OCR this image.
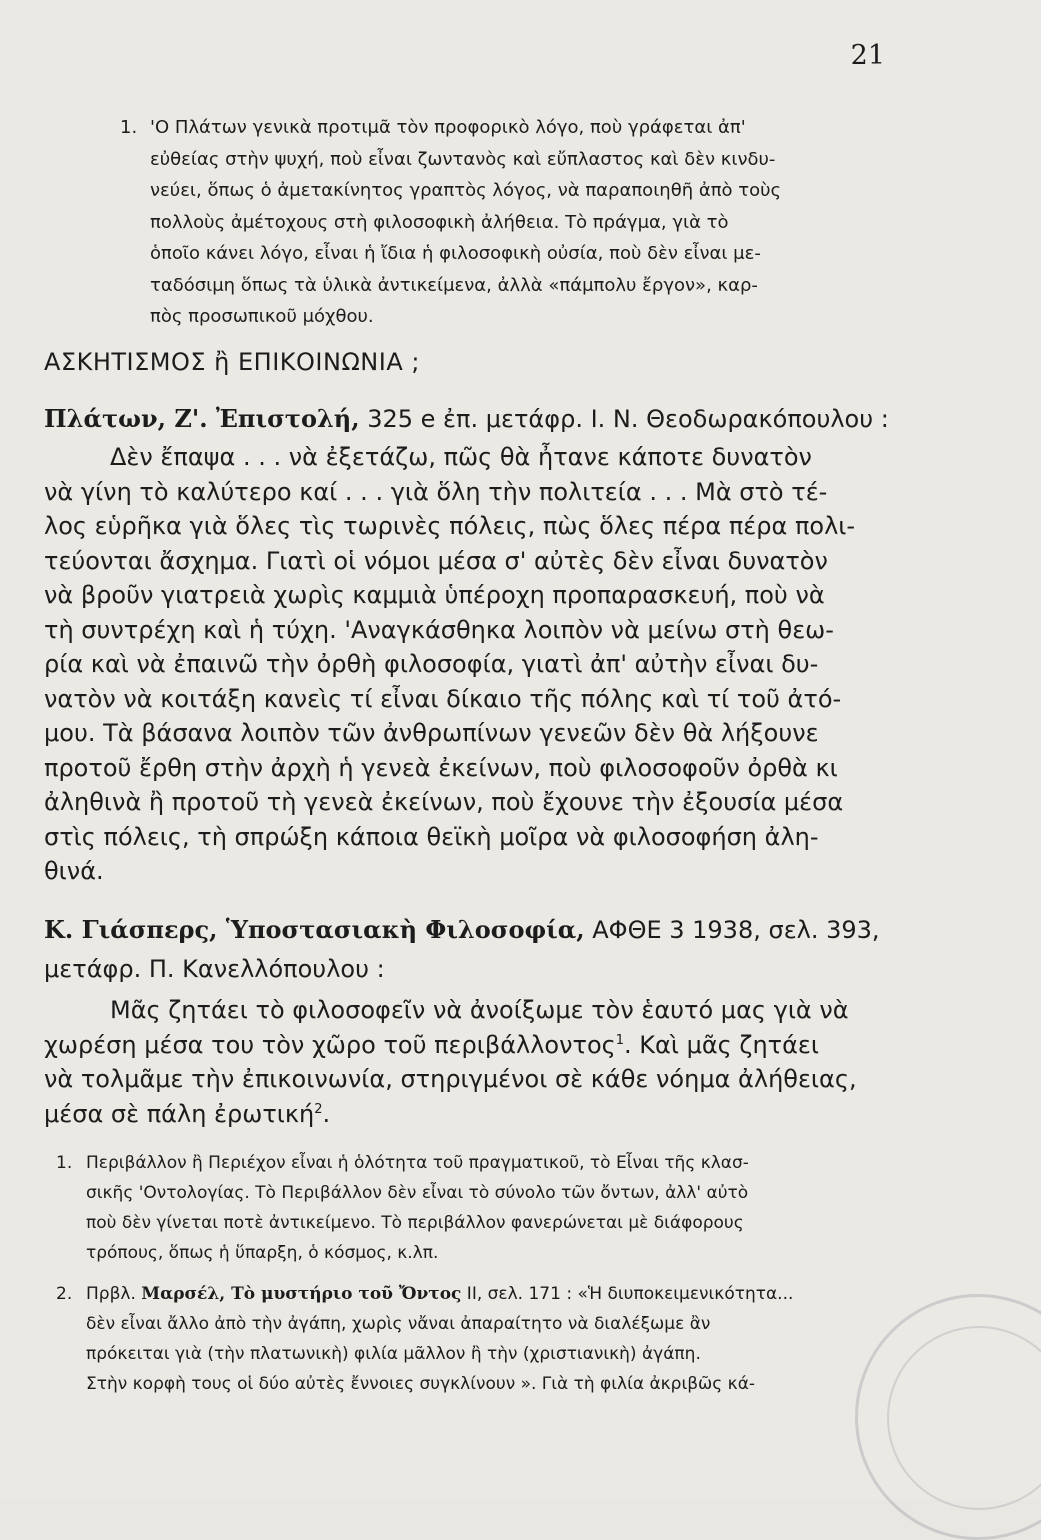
21
1. 'Ο Πλάτων γενικὰ προτιμᾶ τὸν προφορικὸ λόγο, ποὺ γράφεται ἀπ'
εὐθείας στὴν ψυχή, ποὺ εἶναι ζωντανὸς καὶ εὔπλαστος καὶ δὲν κινδυ-
νεύει, ὅπως ὁ ἀμετακίνητος γραπτὸς λόγος, νὰ παραποιηθῆ ἀπὸ τοὺς
πολλοὺς ἀμέτοχους στὴ φιλοσοφικὴ ἀλήθεια. Τὸ πράγμα, γιὰ τὸ
ὁποῖο κάνει λόγο, εἶναι ἡ ἴδια ἡ φιλοσοφικὴ οὐσία, ποὺ δὲν εἶναι με-
ταδόσιμη ὅπως τὰ ὑλικὰ ἀντικείμενα, ἀλλὰ «πάμπολυ ἔργον», καρ-
πὸς προσωπικοῦ μόχθου.
ΑΣΚΗΤΙΣΜΟΣ ἢ ΕΠΙΚΟΙΝΩΝΙΑ ;
Πλάτων, Ζ'. Ἐπιστολή, 325 e ἐπ. μετάφρ. Ι. Ν. Θεοδωρακόπουλου :
Δὲν ἔπαψα . . . νὰ ἐξετάζω, πῶς θὰ ἦτανε κάποτε δυνατὸν
νὰ γίνη τὸ καλύτερο καί . . . γιὰ ὅλη τὴν πολιτεία . . . Μὰ στὸ τέ-
λος εὑρῆκα γιὰ ὅλες τὶς τωρινὲς πόλεις, πὼς ὅλες πέρα πέρα πολι-
τεύονται ἄσχημα. Γιατὶ οἱ νόμοι μέσα σ' αὐτὲς δὲν εἶναι δυνατὸν
νὰ βροῦν γιατρειὰ χωρὶς καμμιὰ ὑπέροχη προπαρασκευή, ποὺ νὰ
τὴ συντρέχη καὶ ἡ τύχη. 'Αναγκάσθηκα λοιπὸν νὰ μείνω στὴ θεω-
ρία καὶ νὰ ἐπαινῶ τὴν ὀρθὴ φιλοσοφία, γιατὶ ἀπ' αὐτὴν εἶναι δυ-
νατὸν νὰ κοιτάξη κανεὶς τί εἶναι δίκαιο τῆς πόλης καὶ τί τοῦ ἀτό-
μου. Τὰ βάσανα λοιπὸν τῶν ἀνθρωπίνων γενεῶν δὲν θὰ λήξουνε
προτοῦ ἔρθη στὴν ἀρχὴ ἡ γενεὰ ἐκείνων, ποὺ φιλοσοφοῦν ὀρθὰ κι
ἀληθινὰ ἢ προτοῦ τὴ γενεὰ ἐκείνων, ποὺ ἔχουνε τὴν ἐξουσία μέσα
στὶς πόλεις, τὴ σπρώξη κάποια θεϊκὴ μοῖρα νὰ φιλοσοφήση ἀλη-
θινά.
Κ. Γιάσπερς, Ὑποστασιακὴ Φιλοσοφία, ΑΦΘΕ 3 1938, σελ. 393,
μετάφρ. Π. Κανελλόπουλου :
Μᾶς ζητάει τὸ φιλοσοφεῖν νὰ ἀνοίξωμε τὸν ἑαυτό μας γιὰ νὰ
χωρέση μέσα του τὸν χῶρο τοῦ περιβάλλοντος$^1$. Καὶ μᾶς ζητάει
νὰ τολμᾶμε τὴν ἐπικοινωνία, στηριγμένοι σὲ κάθε νόημα ἀλήθειας,
μέσα σὲ πάλη ἐρωτική$^2$.
1. Περιβάλλον ἢ Περιέχον εἶναι ἡ ὁλότητα τοῦ πραγματικοῦ, τὸ Εἶναι τῆς κλασ-
σικῆς 'Οντολογίας. Τὸ Περιβάλλον δὲν εἶναι τὸ σύνολο τῶν ὄντων, ἀλλ' αὐτὸ
ποὺ δὲν γίνεται ποτὲ ἀντικείμενο. Τὸ περιβάλλον φανερώνεται μὲ διάφορους
τρόπους, ὅπως ἡ ὕπαρξη, ὁ κόσμος, κ.λπ.
2. Πρβλ. Μαρσέλ, Τὸ μυστήριο τοῦ Ὄντος II, σελ. 171 : «Ἡ διυποκειμενικότητα...
δὲν εἶναι ἄλλο ἀπὸ τὴν ἀγάπη, χωρὶς νἄναι ἀπαραίτητο νὰ διαλέξωμε ἂν
πρόκειται γιὰ (τὴν πλατωνικὴ) φιλία μᾶλλον ἢ τὴν (χριστιανικὴ) ἀγάπη.
Στὴν κορφὴ τους οἱ δύο αὐτὲς ἔννοιες συγκλίνουν ». Γιὰ τὴ φιλία ἀκριβῶς κά-
